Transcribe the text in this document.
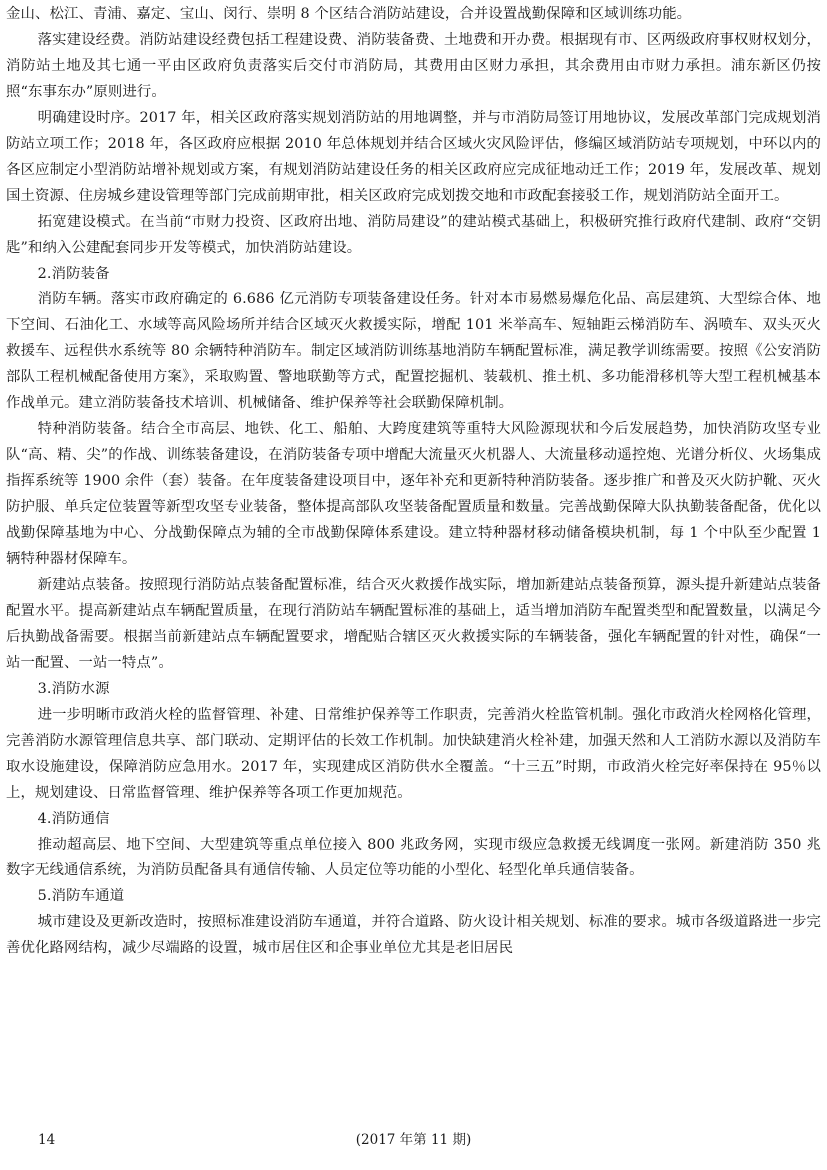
金山、松江、青浦、嘉定、宝山、闵行、崇明 8 个区结合消防站建设，合并设置战勤保障和区域训练功能。

落实建设经费。消防站建设经费包括工程建设费、消防装备费、土地费和开办费。根据现有市、区两级政府事权财权划分，消防站土地及其七通一平由区政府负责落实后交付市消防局，其费用由区财力承担，其余费用由市财力承担。浦东新区仍按照“东事东办”原则进行。

明确建设时序。2017 年，相关区政府落实规划消防站的用地调整，并与市消防局签订用地协议，发展改革部门完成规划消防站立项工作；2018 年，各区政府应根据 2010 年总体规划并结合区域火灾风险评估，修编区域消防站专项规划，中环以内的各区应制定小型消防站增补规划或方案，有规划消防站建设任务的相关区政府应完成征地动迁工作；2019 年，发展改革、规划国土资源、住房城乡建设管理等部门完成前期审批，相关区政府完成划拨交地和市政配套接驳工作，规划消防站全面开工。

拓宽建设模式。在当前“市财力投资、区政府出地、消防局建设”的建站模式基础上，积极研究推行政府代建制、政府“交钥匙”和纳入公建配套同步开发等模式，加快消防站建设。

2.消防装备

消防车辆。落实市政府确定的 6.686 亿元消防专项装备建设任务。针对本市易燃易爆危化品、高层建筑、大型综合体、地下空间、石油化工、水域等高风险场所并结合区域灭火救援实际，增配 101 米举高车、短轴距云梯消防车、涡喷车、双头灭火救援车、远程供水系统等 80 余辆特种消防车。制定区域消防训练基地消防车辆配置标准，满足教学训练需要。按照《公安消防部队工程机械配备使用方案》，采取购置、警地联勤等方式，配置挖掘机、装载机、推土机、多功能滑移机等大型工程机械基本作战单元。建立消防装备技术培训、机械储备、维护保养等社会联勤保障机制。

特种消防装备。结合全市高层、地铁、化工、船舶、大跨度建筑等重特大风险源现状和今后发展趋势，加快消防攻坚专业队“高、精、尖”的作战、训练装备建设，在消防装备专项中增配大流量灭火机器人、大流量移动遥控炮、光谱分析仪、火场集成指挥系统等 1900 余件（套）装备。在年度装备建设项目中，逐年补充和更新特种消防装备。逐步推广和普及灭火防护靴、灭火防护服、单兵定位装置等新型攻坚专业装备，整体提高部队攻坚装备配置质量和数量。完善战勤保障大队执勤装备配备，优化以战勤保障基地为中心、分战勤保障点为辅的全市战勤保障体系建设。建立特种器材移动储备模块机制，每 1 个中队至少配置 1 辆特种器材保障车。

新建站点装备。按照现行消防站点装备配置标准，结合灭火救援作战实际，增加新建站点装备预算，源头提升新建站点装备配置水平。提高新建站点车辆配置质量，在现行消防站车辆配置标准的基础上，适当增加消防车配置类型和配置数量，以满足今后执勤战备需要。根据当前新建站点车辆配置要求，增配贴合辖区灭火救援实际的车辆装备，强化车辆配置的针对性，确保“一站一配置、一站一特点”。

3.消防水源

进一步明晰市政消火栓的监督管理、补建、日常维护保养等工作职责，完善消火栓监管机制。强化市政消火栓网格化管理，完善消防水源管理信息共享、部门联动、定期评估的长效工作机制。加快缺建消火栓补建，加强天然和人工消防水源以及消防车取水设施建设，保障消防应急用水。2017 年，实现建成区消防供水全覆盖。“十三五”时期，市政消火栓完好率保持在 95％以上，规划建设、日常监督管理、维护保养等各项工作更加规范。

4.消防通信

推动超高层、地下空间、大型建筑等重点单位接入 800 兆政务网，实现市级应急救援无线调度一张网。新建消防 350 兆数字无线通信系统，为消防员配备具有通信传输、人员定位等功能的小型化、轻型化单兵通信装备。

5.消防车通道

城市建设及更新改造时，按照标准建设消防车通道，并符合道路、防火设计相关规划、标准的要求。城市各级道路进一步完善优化路网结构，减少尽端路的设置，城市居住区和企事业单位尤其是老旧居民

14	(2017 年第 11 期)
